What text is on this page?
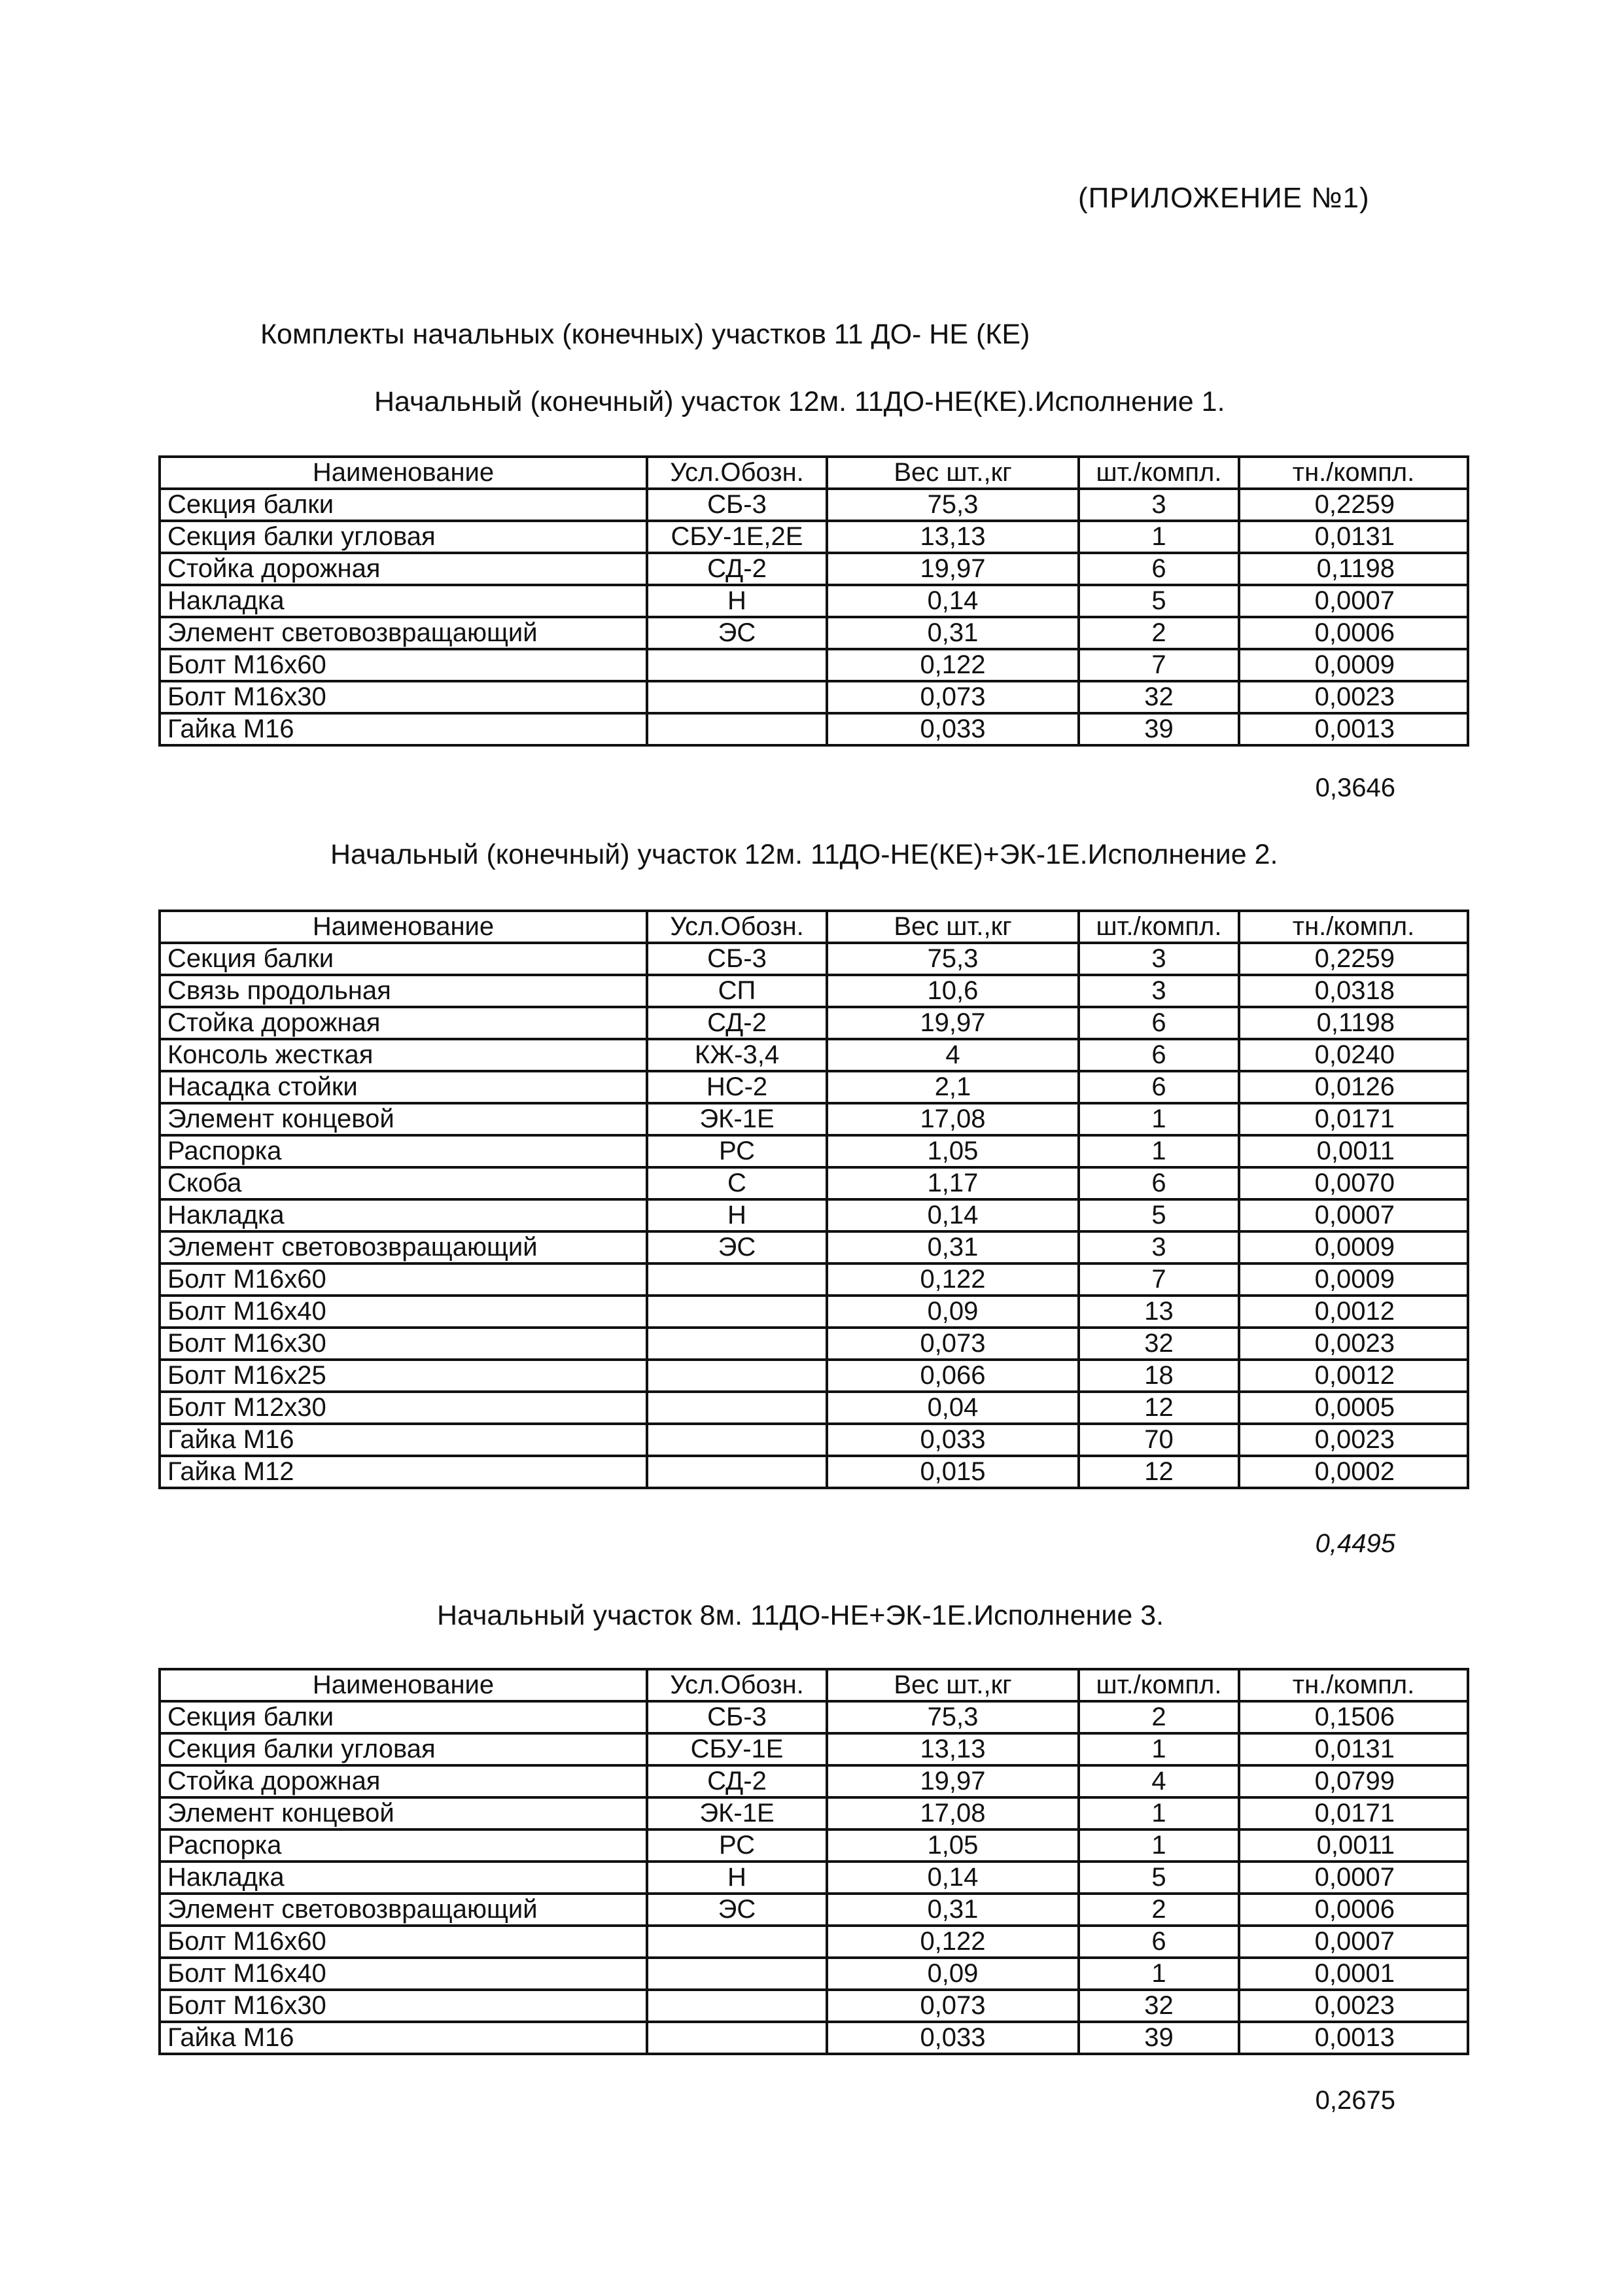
(ПРИЛОЖЕНИЕ №1)
Комплекты начальных (конечных) участков 11 ДО- НЕ (КЕ)
Начальный (конечный) участок 12м. 11ДО-НЕ(КЕ).Исполнение 1.
Наименование	Усл.Обозн.	Вес шт.,кг	шт./компл.	тн./компл.
Секция балки	СБ-3	75,3	3	0,2259
Секция балки угловая	СБУ-1Е,2Е	13,13	1	0,0131
Стойка дорожная	СД-2	19,97	6	0,1198
Накладка	Н	0,14	5	0,0007
Элемент световозвращающий	ЭС	0,31	2	0,0006
Болт М16х60		0,122	7	0,0009
Болт М16х30		0,073	32	0,0023
Гайка М16		0,033	39	0,0013
0,3646
Начальный (конечный) участок 12м. 11ДО-НЕ(КЕ)+ЭК-1Е.Исполнение 2.
Наименование	Усл.Обозн.	Вес шт.,кг	шт./компл.	тн./компл.
Секция балки	СБ-3	75,3	3	0,2259
Связь продольная	СП	10,6	3	0,0318
Стойка дорожная	СД-2	19,97	6	0,1198
Консоль жесткая	КЖ-3,4	4	6	0,0240
Насадка стойки	НС-2	2,1	6	0,0126
Элемент концевой	ЭК-1Е	17,08	1	0,0171
Распорка	РС	1,05	1	0,0011
Скоба	С	1,17	6	0,0070
Накладка	Н	0,14	5	0,0007
Элемент световозвращающий	ЭС	0,31	3	0,0009
Болт М16х60		0,122	7	0,0009
Болт М16х40		0,09	13	0,0012
Болт М16х30		0,073	32	0,0023
Болт М16х25		0,066	18	0,0012
Болт М12х30		0,04	12	0,0005
Гайка М16		0,033	70	0,0023
Гайка М12		0,015	12	0,0002
0,4495
Начальный участок 8м. 11ДО-НЕ+ЭК-1Е.Исполнение 3.
Наименование	Усл.Обозн.	Вес шт.,кг	шт./компл.	тн./компл.
Секция балки	СБ-3	75,3	2	0,1506
Секция балки угловая	СБУ-1Е	13,13	1	0,0131
Стойка дорожная	СД-2	19,97	4	0,0799
Элемент концевой	ЭК-1Е	17,08	1	0,0171
Распорка	РС	1,05	1	0,0011
Накладка	Н	0,14	5	0,0007
Элемент световозвращающий	ЭС	0,31	2	0,0006
Болт М16х60		0,122	6	0,0007
Болт М16х40		0,09	1	0,0001
Болт М16х30		0,073	32	0,0023
Гайка М16		0,033	39	0,0013
0,2675
